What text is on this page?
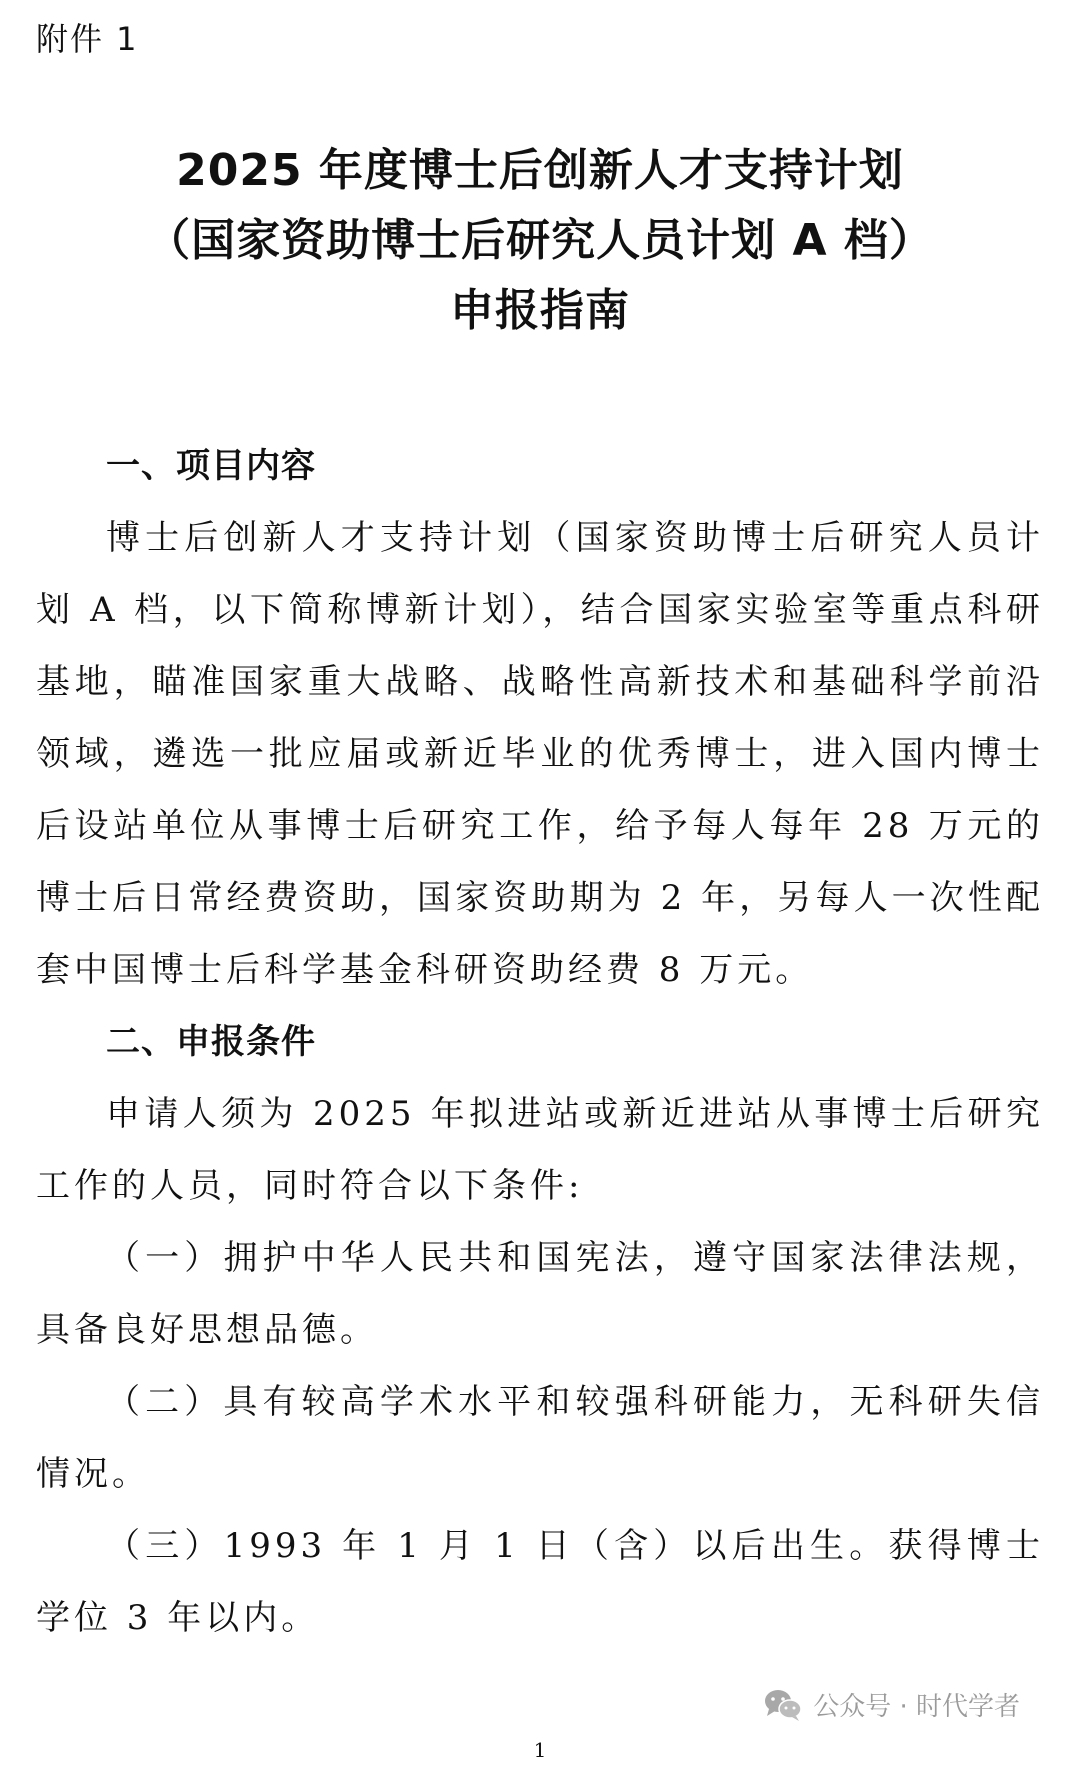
附件 1
2025 年度博士后创新人才支持计划
（国家资助博士后研究人员计划 A 档）
申报指南
一、项目内容

博士后创新人才支持计划（国家资助博士后研究人员计划 A 档，以下简称博新计划），结合国家实验室等重点科研基地，瞄准国家重大战略、战略性高新技术和基础科学前沿领域，遴选一批应届或新近毕业的优秀博士，进入国内博士后设站单位从事博士后研究工作，给予每人每年 28 万元的博士后日常经费资助，国家资助期为 2 年，另每人一次性配套中国博士后科学基金科研资助经费 8 万元。

二、申报条件

申请人须为 2025 年拟进站或新近进站从事博士后研究工作的人员，同时符合以下条件:

（一）拥护中华人民共和国宪法，遵守国家法律法规，具备良好思想品德。

（二）具有较高学术水平和较强科研能力，无科研失信情况。

（三）1993 年 1 月 1 日（含）以后出生。获得博士学位 3 年以内。

公众号 · 时代学者
1
